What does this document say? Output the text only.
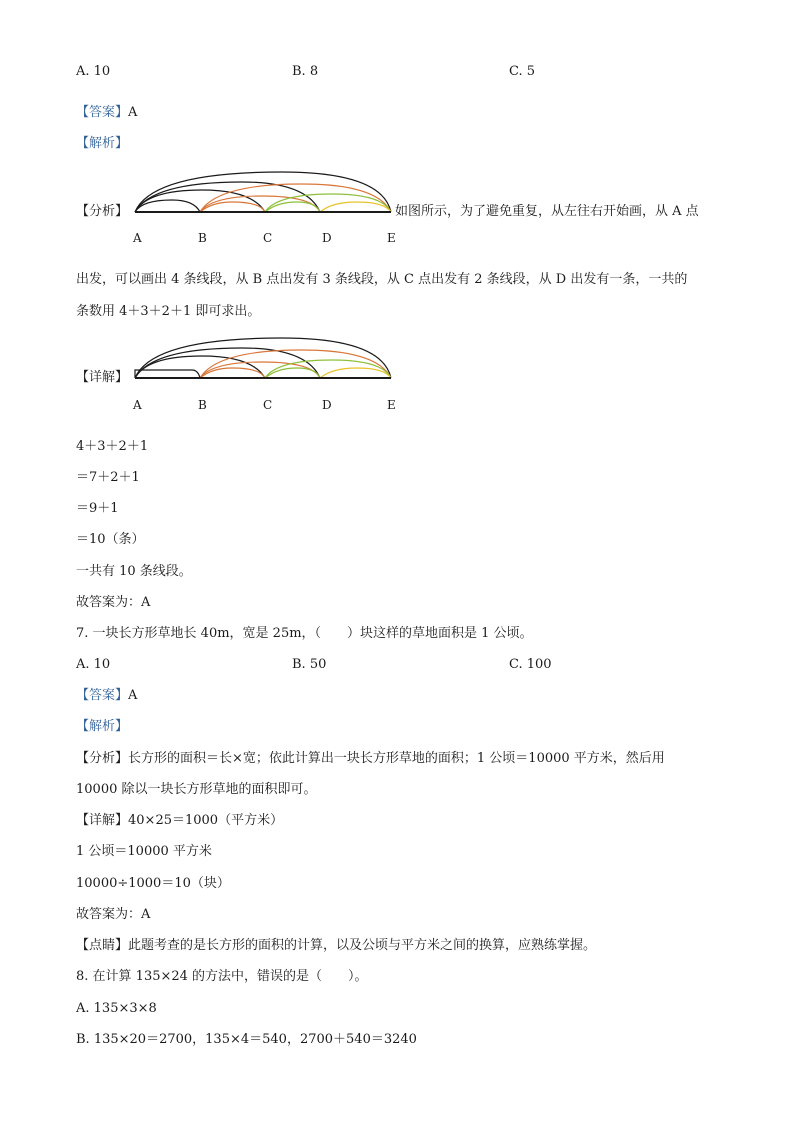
A. 10	B. 8	C. 5
【答案】A
【解析】
【分析】	如图所示，为了避免重复，从左往右开始画，从 A 点
A	B	C	D	E
出发，可以画出 4 条线段，从 B 点出发有 3 条线段，从 C 点出发有 2 条线段，从 D 出发有一条，一共的
条数用 4＋3＋2＋1 即可求出。
【详解】
A	B	C	D	E
4＋3＋2＋1
＝7＋2＋1
＝9＋1
＝10（条）
一共有 10 条线段。
故答案为：A
7. 一块长方形草地长 40m，宽是 25m，（　　）块这样的草地面积是 1 公顷。
A. 10	B. 50	C. 100
【答案】A
【解析】
【分析】长方形的面积＝长×宽；依此计算出一块长方形草地的面积；1 公顷＝10000 平方米，然后用
10000 除以一块长方形草地的面积即可。
【详解】40×25＝1000（平方米）
1 公顷＝10000 平方米
10000÷1000＝10（块）
故答案为：A
【点睛】此题考查的是长方形的面积的计算，以及公顷与平方米之间的换算，应熟练掌握。
8. 在计算 135×24 的方法中，错误的是（　　）。
A. 135×3×8
B. 135×20＝2700，135×4＝540，2700＋540＝3240
